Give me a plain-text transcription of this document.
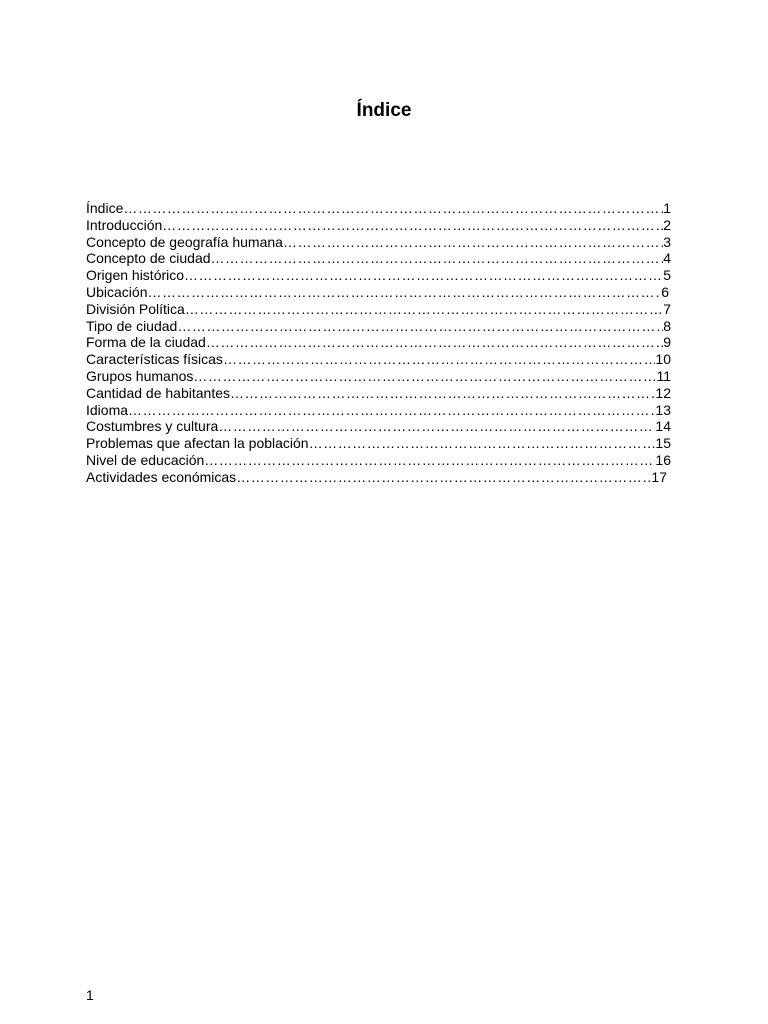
Índice
Índice …………………………………………………………………………………………………………………………………………………………………	1
Introducción …………………………………………………………………………………………………………………………………………………………………	2
Concepto de geografía humana …………………………………………………………………………………………………………………………………………………………………	3
Concepto de ciudad …………………………………………………………………………………………………………………………………………………………………	4
Origen histórico …………………………………………………………………………………………………………………………………………………………………	5
Ubicación …………………………………………………………………………………………………………………………………………………………………	6
División Política …………………………………………………………………………………………………………………………………………………………………	7
Tipo de ciudad …………………………………………………………………………………………………………………………………………………………………	8
Forma de la ciudad …………………………………………………………………………………………………………………………………………………………………	9
Características físicas …………………………………………………………………………………………………………………………………………………………………	10
Grupos humanos …………………………………………………………………………………………………………………………………………………………………	11
Cantidad de habitantes …………………………………………………………………………………………………………………………………………………………………	12
Idioma …………………………………………………………………………………………………………………………………………………………………	13
Costumbres y cultura …………………………………………………………………………………………………………………………………………………………………	14
Problemas que afectan la población …………………………………………………………………………………………………………………………………………………………………	15
Nivel de educación …………………………………………………………………………………………………………………………………………………………………	16
Actividades económicas …………………………………………………………………………………………………………………………………………………………………	17
1
